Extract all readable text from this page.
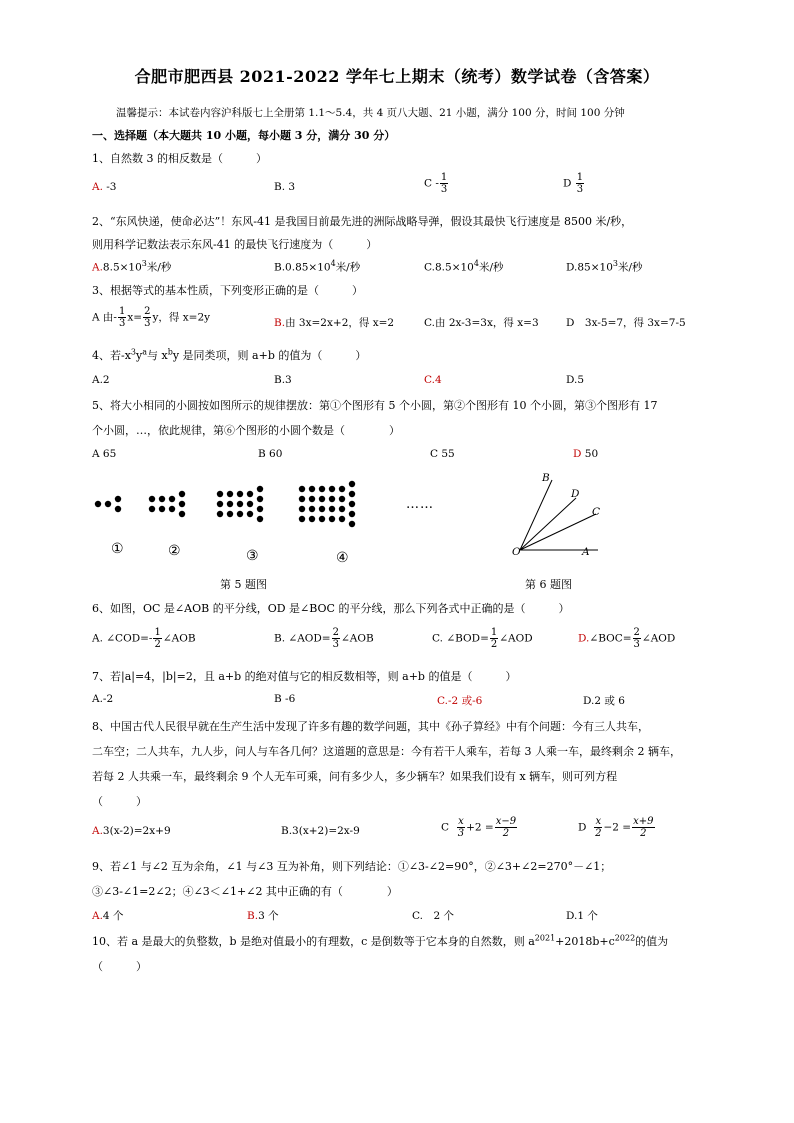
合肥市肥西县 2021-2022 学年七上期末（统考）数学试卷（含答案）
温馨提示：本试卷内容沪科版七上全册第 1.1～5.4，共 4 页八大题、21 小题，满分 100 分，时间 100 分钟
一、选择题（本大题共 10 小题，每小题 3 分，满分 30 分）
1、自然数 3 的相反数是（　　　）
A. -3	B. 3	C - $\frac{1}{3}$	D $\frac{1}{3}$
2、“东风快递，使命必达”！东风-41 是我国目前最先进的洲际战略导弹，假设其最快飞行速度是 8500 米/秒，
则用科学记数法表示东风-41 的最快飞行速度为（　　　）
$A.8.5\times 10^3$米/秒	$B.0.85\times 10^4$米/秒	$C.8.5\times 10^4$米/秒	$D.85\times 10^3$米/秒
3、根据等式的基本性质，下列变形正确的是（　　　）
A 由- $\frac{1}{3} x= \frac{2}{3}$ y，得 x=2y	B.由 3x=2x+2，得 x=2	C.由 2x-3=3x，得 x=3	D　3x-5=7，得 3x=7-5
4、若$-x^3y^a$与 $x^by$ 是同类项，则 a+b 的值为（　　　）
A.2	B.3	C.4	D.5
5、将大小相同的小圆按如图所示的规律摆放：第①个图形有 5 个小圆，第②个图形有 10 个小圆，第③个图形有 17
个小圆，…，依此规律，第⑥个图形的小圆个数是（　　　　）
A 65	B 60	C 55	D 50
①	②	③	④
……
第 5 题图
B
D
C
O	A
第 6 题图
6、如图，OC 是∠AOB 的平分线，OD 是∠BOC 的平分线，那么下列各式中正确的是（　　　）
A. ∠COD=- $\frac{1}{2}$ ∠AOB	B. ∠AOD= $\frac{2}{3}$ ∠AOB	C. ∠BOD= $\frac{1}{2}$ ∠AOD	D.∠BOC= $\frac{2}{3}$ ∠AOD
7、若|a|=4，|b|=2，且 a+b 的绝对值与它的相反数相等，则 a+b 的值是（　　　）
A.-2	B -6	C.-2 或-6	D.2 或 6
8、中国古代人民很早就在生产生活中发现了许多有趣的数学问题，其中《孙子算经》中有个问题：今有三人共车，
二车空；二人共车，九人步，问人与车各几何？这道题的意思是：今有若干人乘车，若每 3 人乘一车，最终剩余 2 辆车，
若每 2 人共乘一车，最终剩余 9 个人无车可乘，问有多少人，多少辆车？如果我们设有 x 辆车，则可列方程
（　　　）
A.3(x-2)=2x+9	B.3(x+2)=2x-9	C $\frac{x}{3} +2 = \frac{x-9}{2}$	D $\frac{x}{2} -2 = \frac{x+9}{2}$
9、若∠1 与∠2 互为余角，∠1 与∠3 互为补角，则下列结论：①∠3-∠2=90°，②∠3+∠2=270°－∠1；
③∠3-∠1=2∠2；④∠3＜∠1+∠2 其中正确的有（　　　　）
A.4 个	B.3 个	C.　2 个	D.1 个
10、若 a 是最大的负整数，b 是绝对值最小的有理数，c 是倒数等于它本身的自然数，则 $a^{2021}+2018b+c^{2022}$的值为
（　　　）
